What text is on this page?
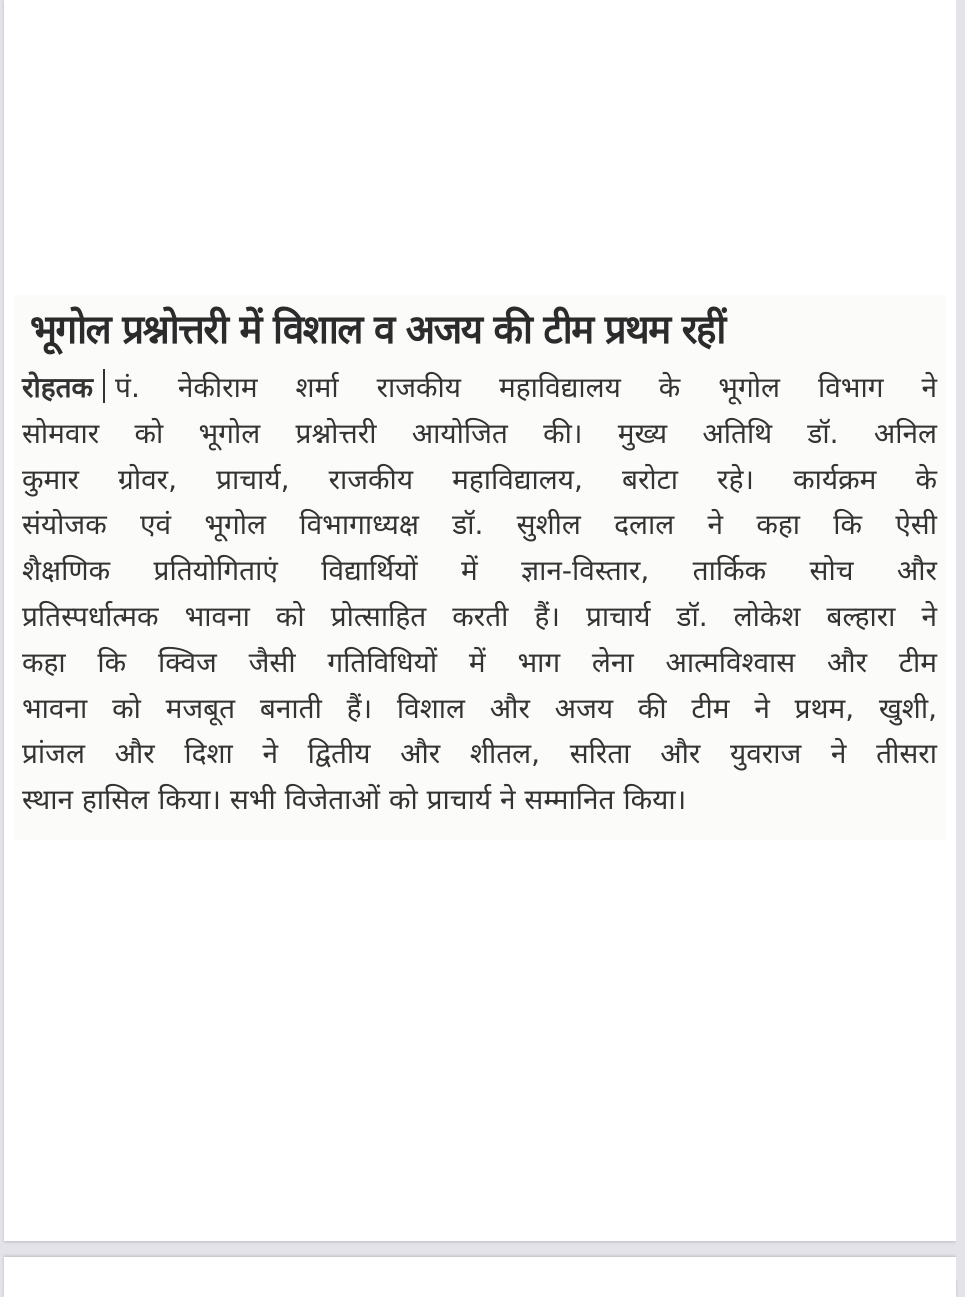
भूगोल प्रश्नोत्तरी में विशाल व अजय की टीम प्रथम रहीं
रोहतक पं. नेकीराम शर्मा राजकीय महाविद्यालय के भूगोल विभाग ने
सोमवार को भूगोल प्रश्नोत्तरी आयोजित की। मुख्य अतिथि डॉ. अनिल
कुमार ग्रोवर, प्राचार्य, राजकीय महाविद्यालय, बरोटा रहे। कार्यक्रम के
संयोजक एवं भूगोल विभागाध्यक्ष डॉ. सुशील दलाल ने कहा कि ऐसी
शैक्षणिक प्रतियोगिताएं विद्यार्थियों में ज्ञान-विस्तार, तार्किक सोच और
प्रतिस्पर्धात्मक भावना को प्रोत्साहित करती हैं। प्राचार्य डॉ. लोकेश बल्हारा ने
कहा कि क्विज जैसी गतिविधियों में भाग लेना आत्मविश्वास और टीम
भावना को मजबूत बनाती हैं। विशाल और अजय की टीम ने प्रथम, खुशी,
प्रांजल और दिशा ने द्वितीय और शीतल, सरिता और युवराज ने तीसरा
स्थान हासिल किया। सभी विजेताओं को प्राचार्य ने सम्मानित किया।
